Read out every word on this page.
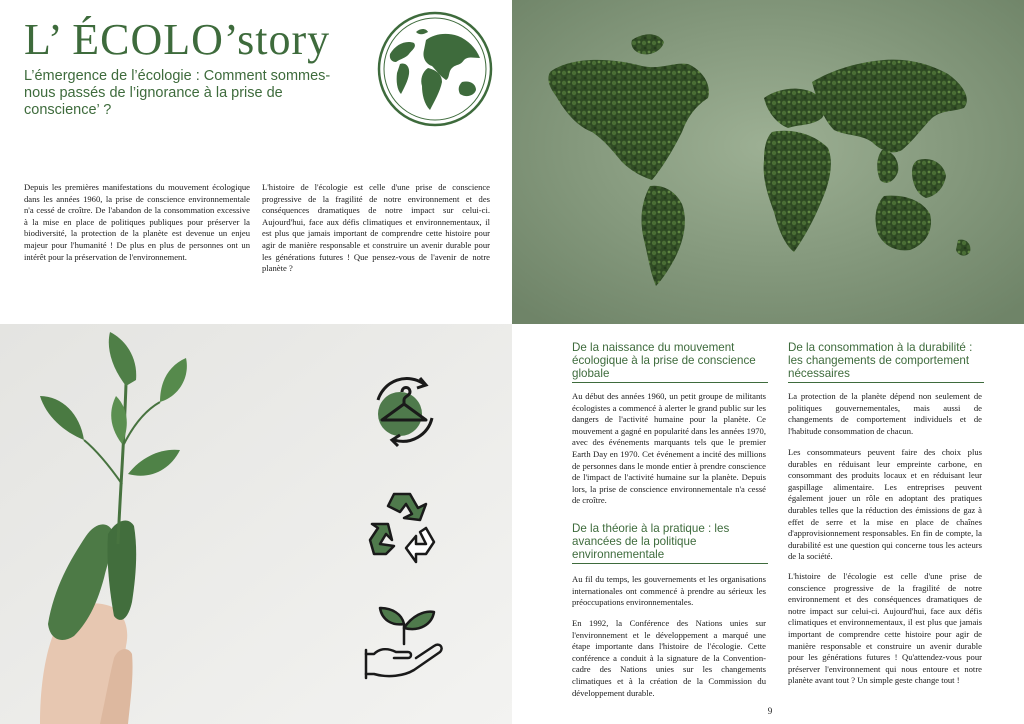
L’ ÉCOLO’story
L’émergence de l’écologie : Comment sommes-nous passés de l’ignorance à la prise de conscience’ ?
Depuis les premières manifestations du mouvement écologique dans les années 1960, la prise de conscience environnementale n'a cessé de croître. De l'abandon de la consommation excessive à la mise en place de politiques publiques pour préserver la biodiversité, la protection de la planète est devenue un enjeu majeur pour l'humanité ! De plus en plus de personnes ont un intérêt pour la préservation de l'environnement.
L'histoire de l'écologie est celle d'une prise de conscience progressive de la fragilité de notre environnement et des conséquences dramatiques de notre impact sur celui-ci. Aujourd'hui, face aux défis climatiques et environnementaux, il est plus que jamais important de comprendre cette histoire pour agir de manière responsable et construire un avenir durable pour les générations futures ! Que pensez-vous de l'avenir de notre planète ?
De la naissance du mouvement écologique à la prise de conscience globale
Au début des années 1960, un petit groupe de militants écologistes a commencé à alerter le grand public sur les dangers de l'activité humaine pour la planète. Ce mouvement a gagné en popularité dans les années 1970, avec des événements marquants tels que le premier Earth Day en 1970. Cet événement a incité des millions de personnes dans le monde entier à prendre conscience de l'impact de l'activité humaine sur la planète. Depuis lors, la prise de conscience environnementale n'a cessé de croître.
De la théorie à la pratique : les avancées de la politique environnementale
Au fil du temps, les gouvernements et les organisations internationales ont commencé à prendre au sérieux les préoccupations environnementales.
En 1992, la Conférence des Nations unies sur l'environnement et le développement a marqué une étape importante dans l'histoire de l'écologie. Cette conférence a conduit à la signature de la Convention-cadre des Nations unies sur les changements climatiques et à la création de la Commission du développement durable.
De la consommation à la durabilité : les changements de comportement nécessaires
La protection de la planète dépend non seulement de politiques gouvernementales, mais aussi de changements de comportement individuels et de l'habitude consommation de chacun.
Les consommateurs peuvent faire des choix plus durables en réduisant leur empreinte carbone, en consommant des produits locaux et en réduisant leur gaspillage alimentaire. Les entreprises peuvent également jouer un rôle en adoptant des pratiques durables telles que la réduction des émissions de gaz à effet de serre et la mise en place de chaînes d'approvisionnement responsables. En fin de compte, la durabilité est une question qui concerne tous les acteurs de la société.
L'histoire de l'écologie est celle d'une prise de conscience progressive de la fragilité de notre environnement et des conséquences dramatiques de notre impact sur celui-ci. Aujourd'hui, face aux défis climatiques et environnementaux, il est plus que jamais important de comprendre cette histoire pour agir de manière responsable et construire un avenir durable pour les générations futures ! Qu'attendez-vous pour préserver l'environnement qui nous entoure et notre planète avant tout ? Un simple geste change tout !
9
